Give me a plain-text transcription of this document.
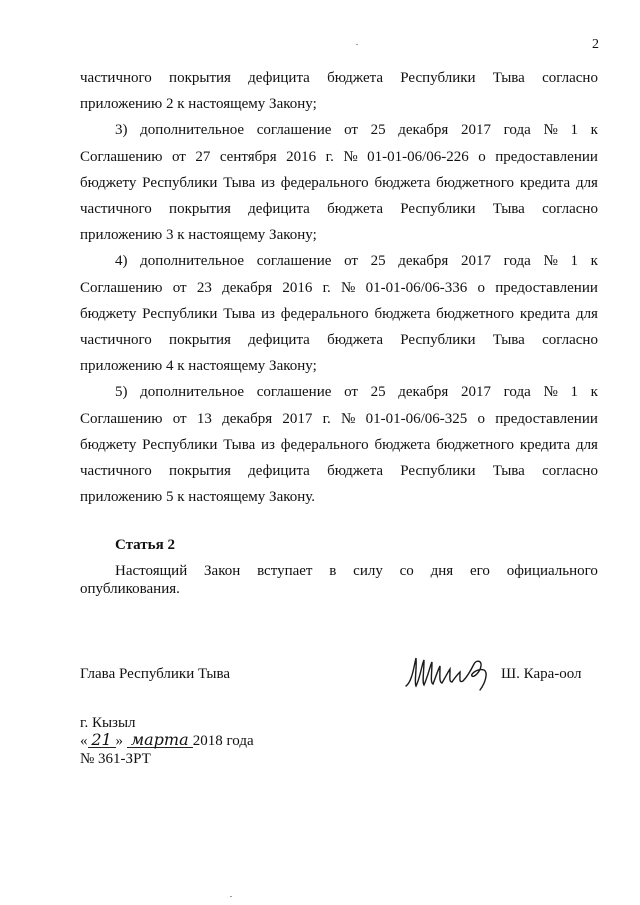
2
частичного покрытия дефицита бюджета Республики Тыва согласно
приложению 2 к настоящему Закону;
3) дополнительное соглашение от 25 декабря 2017 года № 1 к
Соглашению от 27 сентября 2016 г. № 01-01-06/06-226 о предоставлении
бюджету Республики Тыва из федерального бюджета бюджетного кредита для
частичного покрытия дефицита бюджета Республики Тыва согласно
приложению 3 к настоящему Закону;
4) дополнительное соглашение от 25 декабря 2017 года № 1 к
Соглашению от 23 декабря 2016 г. № 01-01-06/06-336 о предоставлении
бюджету Республики Тыва из федерального бюджета бюджетного кредита для
частичного покрытия дефицита бюджета Республики Тыва согласно
приложению 4 к настоящему Закону;
5) дополнительное соглашение от 25 декабря 2017 года № 1 к
Соглашению от 13 декабря 2017 г. № 01-01-06/06-325 о предоставлении
бюджету Республики Тыва из федерального бюджета бюджетного кредита для
частичного покрытия дефицита бюджета Республики Тыва согласно
приложению 5 к настоящему Закону.
Статья 2
Настоящий Закон вступает в силу со дня его официального
опубликования.
Глава Республики Тыва	Ш. Кара-оол
г. Кызыл
« 21 » марта 2018 года
№ 361-ЗРТ
